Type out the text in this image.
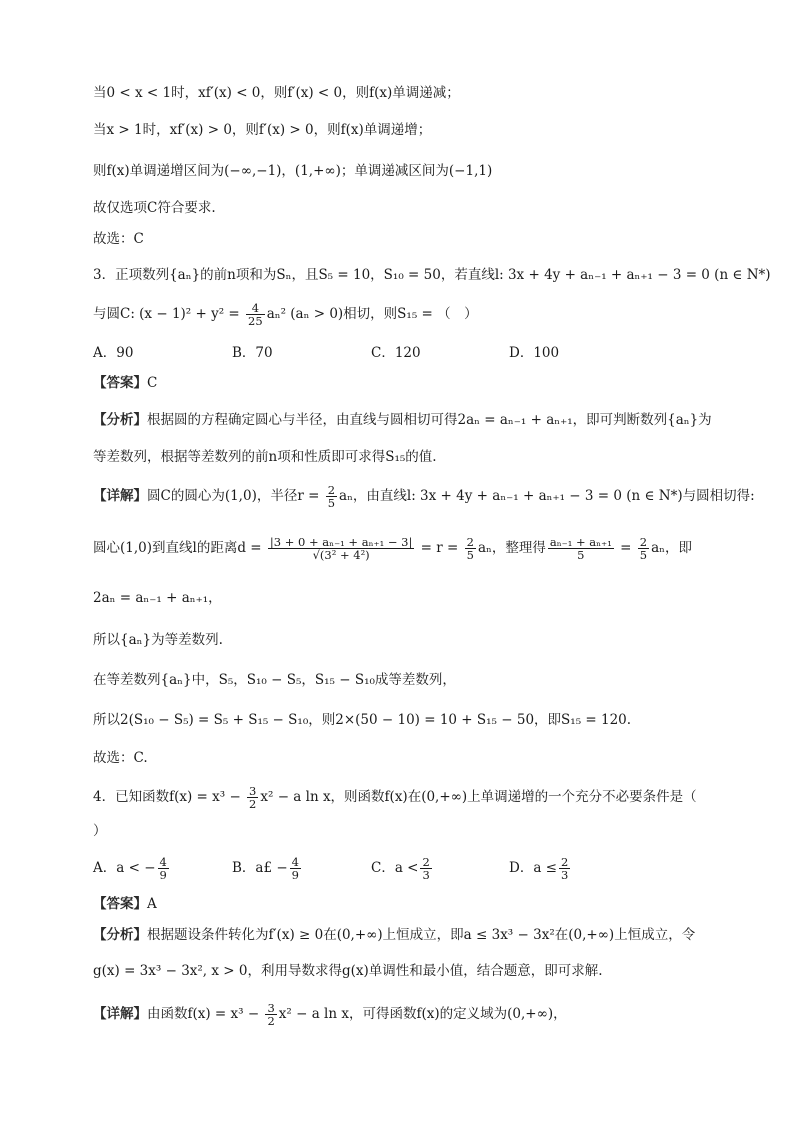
当0 < x < 1时，xf′(x) < 0，则f′(x) < 0，则f(x)单调递减；
当x > 1时，xf′(x) > 0，则f′(x) > 0，则f(x)单调递增；
则f(x)单调递增区间为(−∞,−1)，(1,+∞)；单调递减区间为(−1,1)
故仅选项C符合要求.
故选：C
3．正项数列{aₙ}的前n项和为Sₙ，且S₅ = 10，S₁₀ = 50，若直线l: 3x + 4y + aₙ₋₁ + aₙ₊₁ − 3 = 0 (n ∈ N*)
与圆C: $(x - 1)^2 + y^2 = \frac{4}{25} a_n^2$ (aₙ > 0)相切，则S₁₅ = （　）
A．90	B．70	C．120	D．100
【答案】C
【分析】根据圆的方程确定圆心与半径，由直线与圆相切可得2aₙ = aₙ₋₁ + aₙ₊₁，即可判断数列{aₙ}为
等差数列，根据等差数列的前n项和性质即可求得S₁₅的值.
【详解】圆C的圆心为(1,0)，半径$r = \frac{2}{5}$ aₙ，由直线l: 3x + 4y + aₙ₋₁ + aₙ₊₁ − 3 = 0 (n ∈ N*)与圆相切得:
圆心(1,0)到直线l的距离$d = \frac{\text{|3 + 0 + aₙ₋₁ + aₙ₊₁ − 3|}}{\text{√(3² + 4²)}} = r = \frac{2}{5}$ aₙ，整理得 $\frac{\text{aₙ₋₁ + aₙ₊₁}}{5} = \frac{2}{5}$ aₙ，即
2aₙ = aₙ₋₁ + aₙ₊₁，
所以{aₙ}为等差数列.
在等差数列{aₙ}中，S₅，S₁₀ − S₅，S₁₅ − S₁₀成等差数列，
所以2(S₁₀ − S₅) = S₅ + S₁₅ − S₁₀，则2×(50 − 10) = 10 + S₁₅ − 50，即S₁₅ = 120.
故选：C.
4．已知函数$f(x) = x^3 - \frac{3}{2} x^2 - a$ ln x，则函数f(x)在(0,+∞)上单调递增的一个充分不必要条件是（
）
A．a < − $\frac{4}{9}$	B．a£ − $\frac{4}{9}$	C．$a < \frac{2}{3}$	D．$a \le \frac{2}{3}$
【答案】A
【分析】根据题设条件转化为f′(x) ≥ 0在(0,+∞)上恒成立，即a ≤ 3x³ − 3x²在(0,+∞)上恒成立，令
g(x) = 3x³ − 3x², x > 0，利用导数求得g(x)单调性和最小值，结合题意，即可求解.
【详解】由函数$f(x) = x^3 - \frac{3}{2} x^2 - a$ ln x，可得函数f(x)的定义域为(0,+∞)，
